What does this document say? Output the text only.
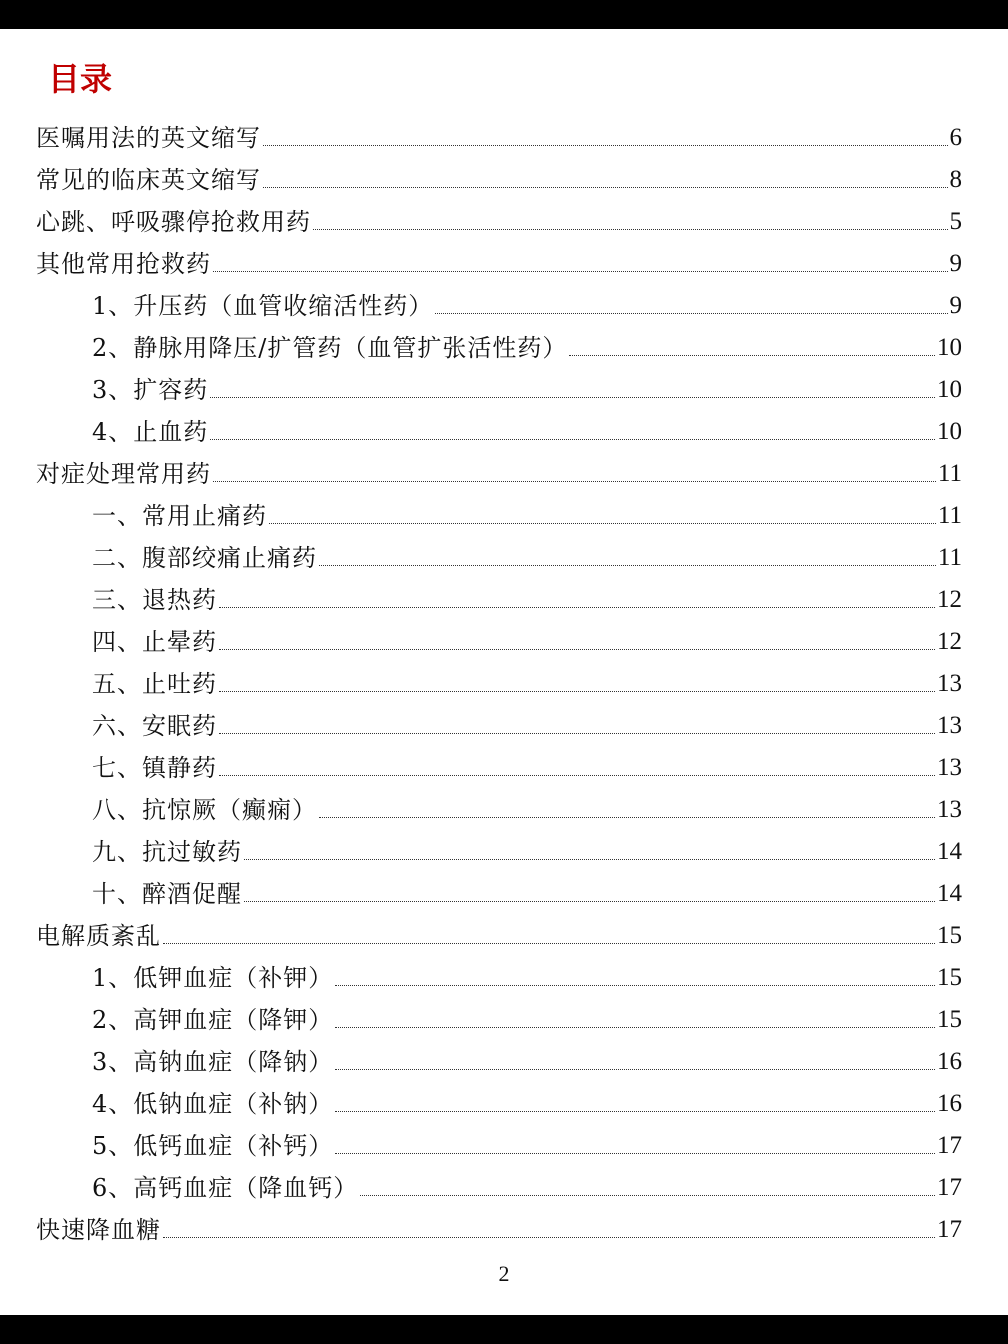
目录
医嘱用法的英文缩写	6
常见的临床英文缩写	8
心跳、呼吸骤停抢救用药	5
其他常用抢救药	9
1、升压药（血管收缩活性药）	9
2、静脉用降压/扩管药（血管扩张活性药）	10
3、扩容药	10
4、止血药	10
对症处理常用药	11
一、常用止痛药	11
二、腹部绞痛止痛药	11
三、退热药	12
四、止晕药	12
五、止吐药	13
六、安眠药	13
七、镇静药	13
八、抗惊厥（癫痫）	13
九、抗过敏药	14
十、醉酒促醒	14
电解质紊乱	15
1、低钾血症（补钾）	15
2、高钾血症（降钾）	15
3、高钠血症（降钠）	16
4、低钠血症（补钠）	16
5、低钙血症（补钙）	17
6、高钙血症（降血钙）	17
快速降血糖	17
2
